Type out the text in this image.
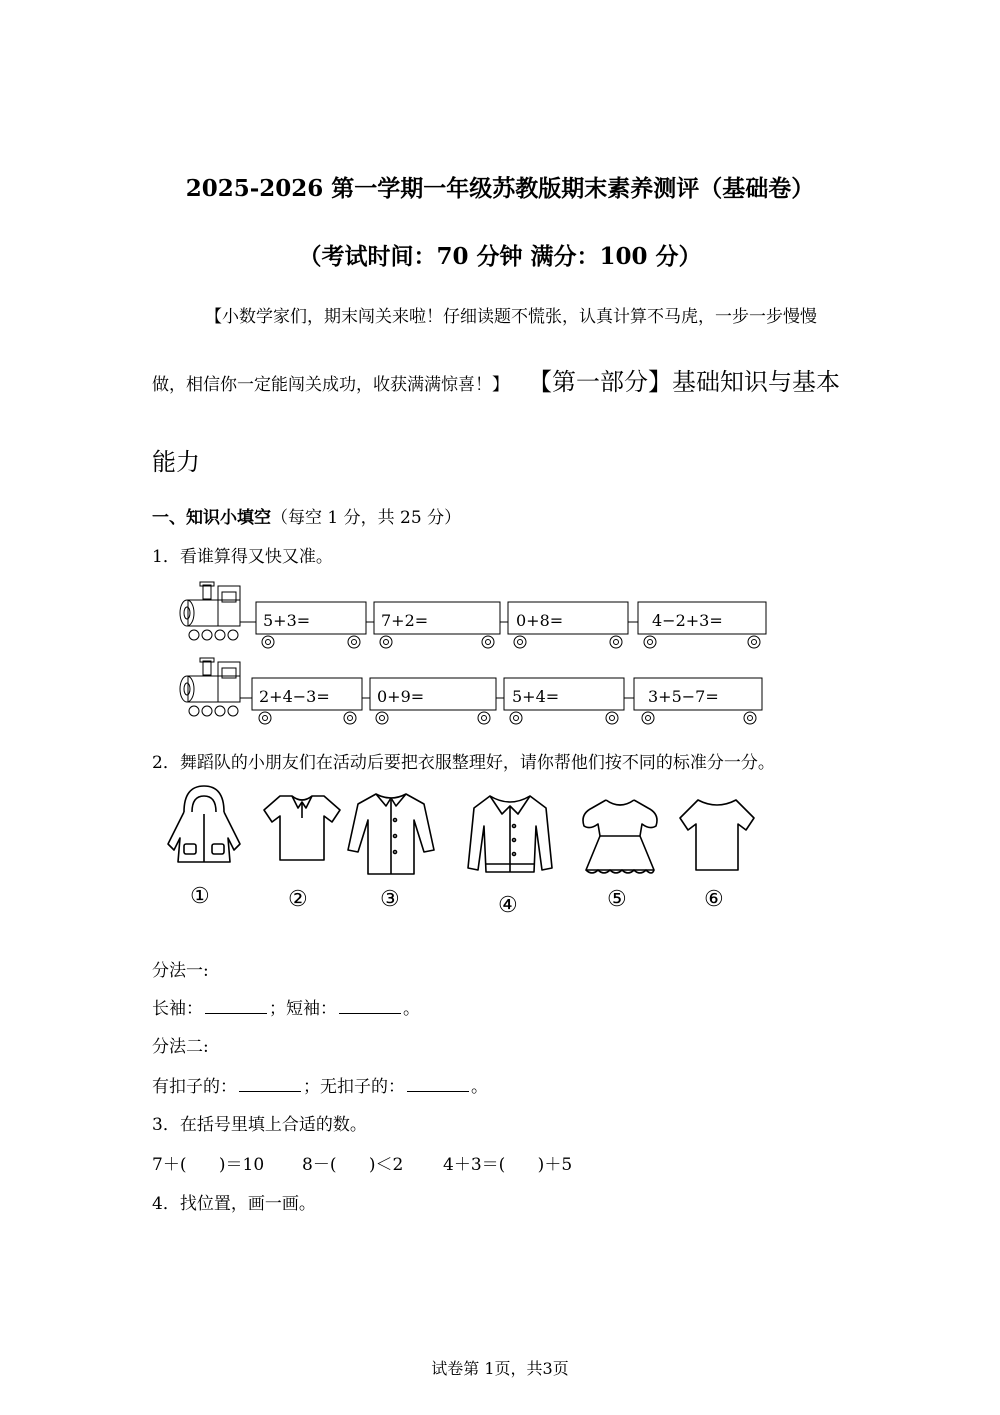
2025-2026 第一学期一年级苏教版期末素养测评（基础卷）
（考试时间：70 分钟 满分：100 分）
【小数学家们，期末闯关来啦！仔细读题不慌张，认真计算不马虎，一步一步慢慢
做，相信你一定能闯关成功，收获满满惊喜！】 【第一部分】基础知识与基本
能力
一、知识小填空（每空 1 分，共 25 分）
1．看谁算得又快又准。
5+3=	7+2=	0+8=	4−2+3=
2+4−3=	0+9=	5+4=	3+5−7=
2．舞蹈队的小朋友们在活动后要把衣服整理好，请你帮他们按不同的标准分一分。
①	②	③	④	⑤	⑥
分法一:
长袖：	；短袖：	。
分法二:
有扣子的：	；无扣子的：	。
3．在括号里填上合适的数。
7＋(      )＝10 8－(      )＜2 4＋3＝(      )＋5
4．找位置，画一画。
试卷第 1页，共3页
